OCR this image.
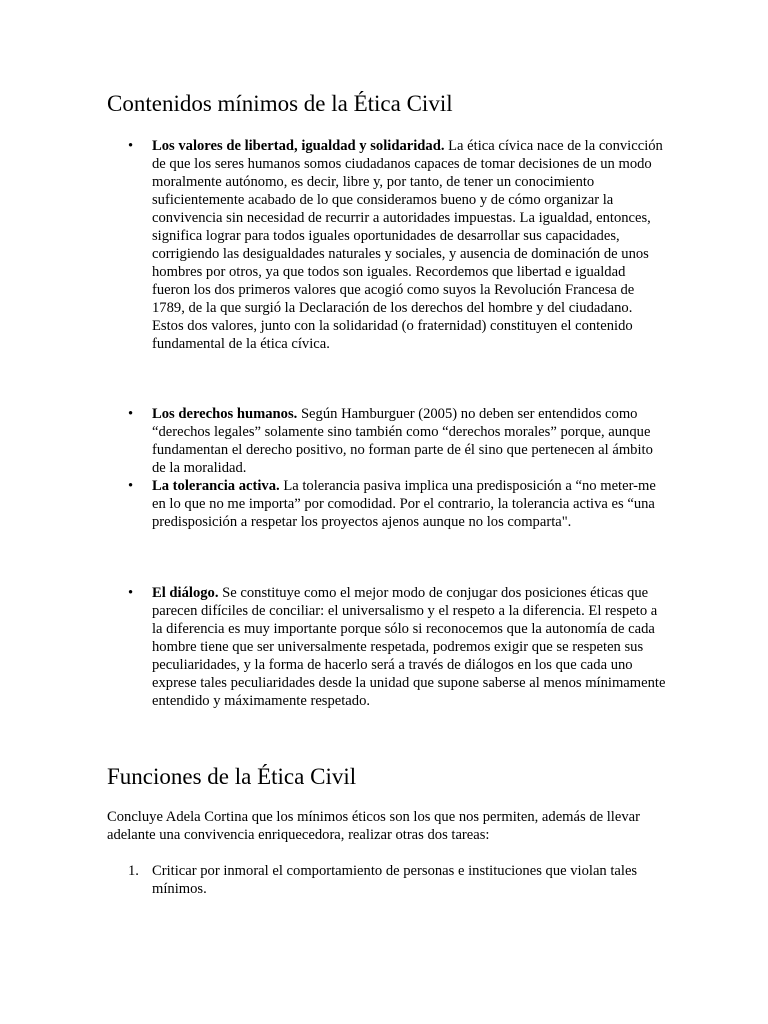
Contenidos mínimos de la Ética Civil
• Los valores de libertad, igualdad y solidaridad. La ética cívica nace de la convicción de que los seres humanos somos ciudadanos capaces de tomar decisiones de un modo moralmente autónomo, es decir, libre y, por tanto, de tener un conocimiento suficientemente acabado de lo que consideramos bueno y de cómo organizar la convivencia sin necesidad de recurrir a autoridades impuestas. La igualdad, entonces, significa lograr para todos iguales oportunidades de desarrollar sus capacidades, corrigiendo las desigualdades naturales y sociales, y ausencia de dominación de unos hombres por otros, ya que todos son iguales. Recordemos que libertad e igualdad fueron los dos primeros valores que acogió como suyos la Revolución Francesa de 1789, de la que surgió la Declaración de los derechos del hombre y del ciudadano. Estos dos valores, junto con la solidaridad (o fraternidad) constituyen el contenido fundamental de la ética cívica.
• Los derechos humanos. Según Hamburguer (2005) no deben ser entendidos como “derechos legales” solamente sino también como “derechos morales” porque, aunque fundamentan el derecho positivo, no forman parte de él sino que pertenecen al ámbito de la moralidad.
• La tolerancia activa. La tolerancia pasiva implica una predisposición a “no meter-me en lo que no me importa” por comodidad. Por el contrario, la tolerancia activa es “una predisposición a respetar los proyectos ajenos aunque no los comparta".
• El diálogo. Se constituye como el mejor modo de conjugar dos posiciones éticas que parecen difíciles de conciliar: el universalismo y el respeto a la diferencia. El respeto a la diferencia es muy importante porque sólo si reconocemos que la autonomía de cada hombre tiene que ser universalmente respetada, podremos exigir que se respeten sus peculiaridades, y la forma de hacerlo será a través de diálogos en los que cada uno exprese tales peculiaridades desde la unidad que supone saberse al menos mínimamente entendido y máximamente respetado.
Funciones de la Ética Civil

Concluye Adela Cortina que los mínimos éticos son los que nos permiten, además de llevar adelante una convivencia enriquecedora, realizar otras dos tareas:

1. Criticar por inmoral el comportamiento de personas e instituciones que violan tales mínimos.
